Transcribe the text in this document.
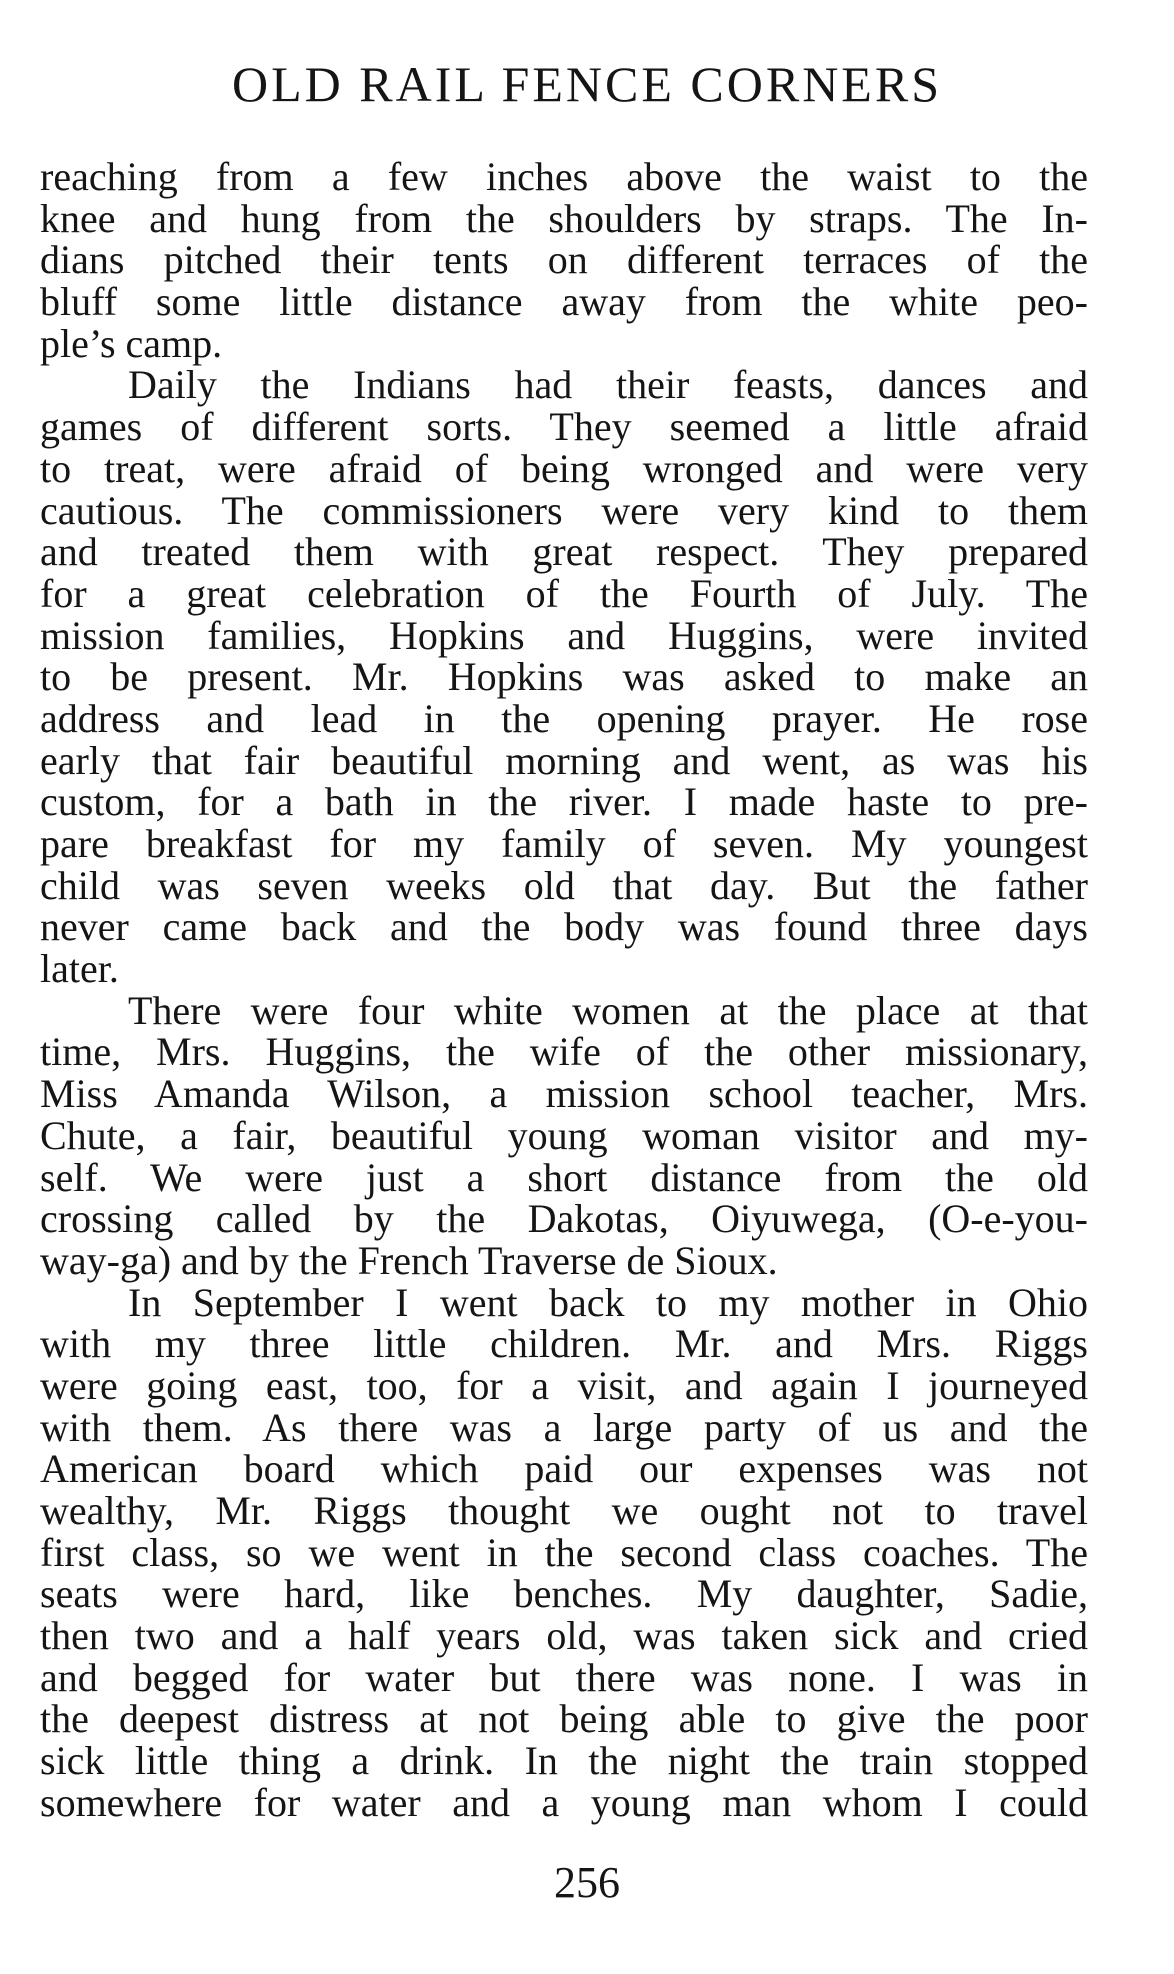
OLD RAIL FENCE CORNERS
reaching from a few inches above the waist to the
knee and hung from the shoulders by straps. The In-
dians pitched their tents on different terraces of the
bluff some little distance away from the white peo-
ple’s camp.
Daily the Indians had their feasts, dances and
games of different sorts. They seemed a little afraid
to treat, were afraid of being wronged and were very
cautious. The commissioners were very kind to them
and treated them with great respect. They prepared
for a great celebration of the Fourth of July. The
mission families, Hopkins and Huggins, were invited
to be present. Mr. Hopkins was asked to make an
address and lead in the opening prayer. He rose
early that fair beautiful morning and went, as was his
custom, for a bath in the river. I made haste to pre-
pare breakfast for my family of seven. My youngest
child was seven weeks old that day. But the father
never came back and the body was found three days
later.
There were four white women at the place at that
time, Mrs. Huggins, the wife of the other missionary,
Miss Amanda Wilson, a mission school teacher, Mrs.
Chute, a fair, beautiful young woman visitor and my-
self. We were just a short distance from the old
crossing called by the Dakotas, Oiyuwega, (O-e-you-
way-ga) and by the French Traverse de Sioux.
In September I went back to my mother in Ohio
with my three little children. Mr. and Mrs. Riggs
were going east, too, for a visit, and again I journeyed
with them. As there was a large party of us and the
American board which paid our expenses was not
wealthy, Mr. Riggs thought we ought not to travel
first class, so we went in the second class coaches. The
seats were hard, like benches. My daughter, Sadie,
then two and a half years old, was taken sick and cried
and begged for water but there was none. I was in
the deepest distress at not being able to give the poor
sick little thing a drink. In the night the train stopped
somewhere for water and a young man whom I could
256
